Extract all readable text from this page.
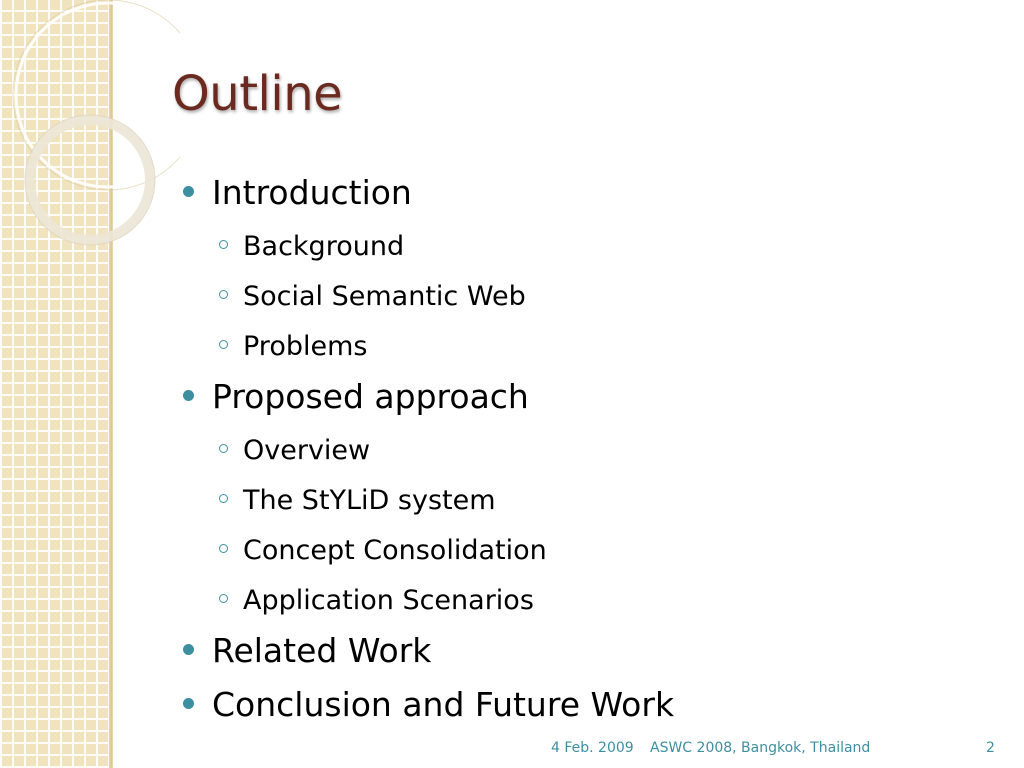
Outline
Introduction
Background
Social Semantic Web
Problems
Proposed approach
Overview
The StYLiD system
Concept Consolidation
Application Scenarios
Related Work
Conclusion and Future Work
4 Feb. 2009 ASWC 2008, Bangkok, Thailand	2
